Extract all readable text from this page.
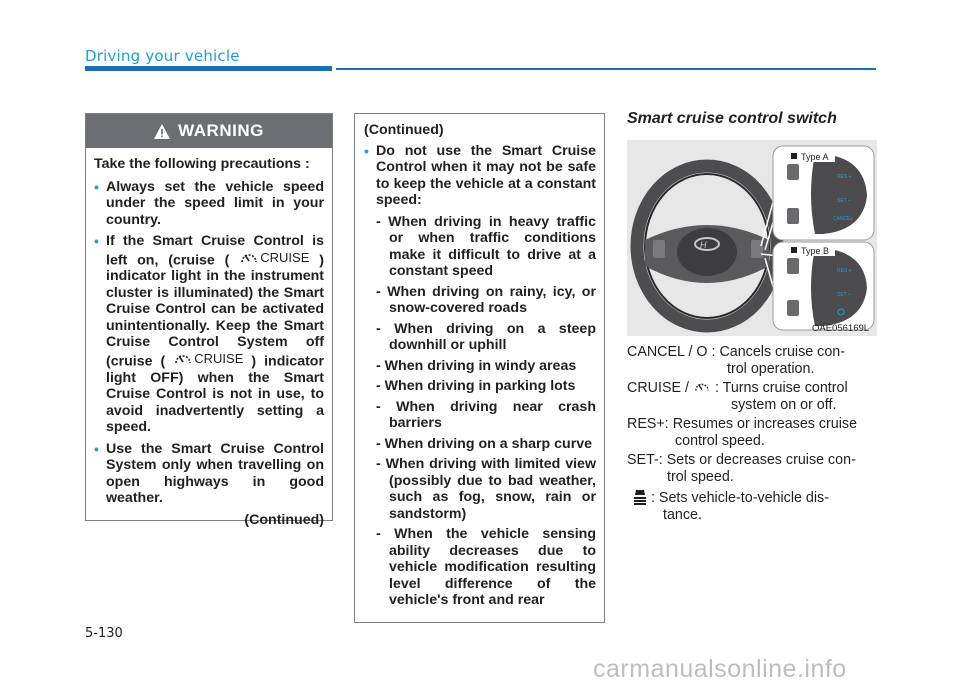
Driving your vehicle
WARNING

Take the following precautions :

• Always set the vehicle speed under the speed limit in your country.
• If the Smart Cruise Control is left on, (cruise ( CRUISE ) indicator light in the instrument cluster is illuminated) the Smart Cruise Control can be activated unintentionally. Keep the Smart Cruise Control System off (cruise ( CRUISE ) indicator light OFF) when the Smart Cruise Control is not in use, to avoid inadvertently setting a speed.
• Use the Smart Cruise Control System only when travelling on open highways in good weather.
(Continued)

(Continued)

• Do not use the Smart Cruise Control when it may not be safe to keep the vehicle at a constant speed:
- When driving in heavy traffic or when traffic conditions make it difficult to drive at a constant speed
- When driving on rainy, icy, or snow-covered roads
- When driving on a steep downhill or uphill
- When driving in windy areas
- When driving in parking lots
- When driving near crash barriers
- When driving on a sharp curve
- When driving with limited view (possibly due to bad weather, such as fog, snow, rain or sandstorm)
- When the vehicle sensing ability decreases due to vehicle modification resulting level difference of the vehicle's front and rear
Smart cruise control switch
H
RES +
SET −
CANCEL
RES +
SET −
Type A
Type B
OAE056169L
CANCEL / O : Cancels cruise con-
trol operation.
CRUISE / : Turns cruise control
system on or off.
RES+: Resumes or increases cruise
control speed.
SET-: Sets or decreases cruise con-
trol speed.
: Sets vehicle-to-vehicle dis-
tance.
5-130
carmanualsonline.info
